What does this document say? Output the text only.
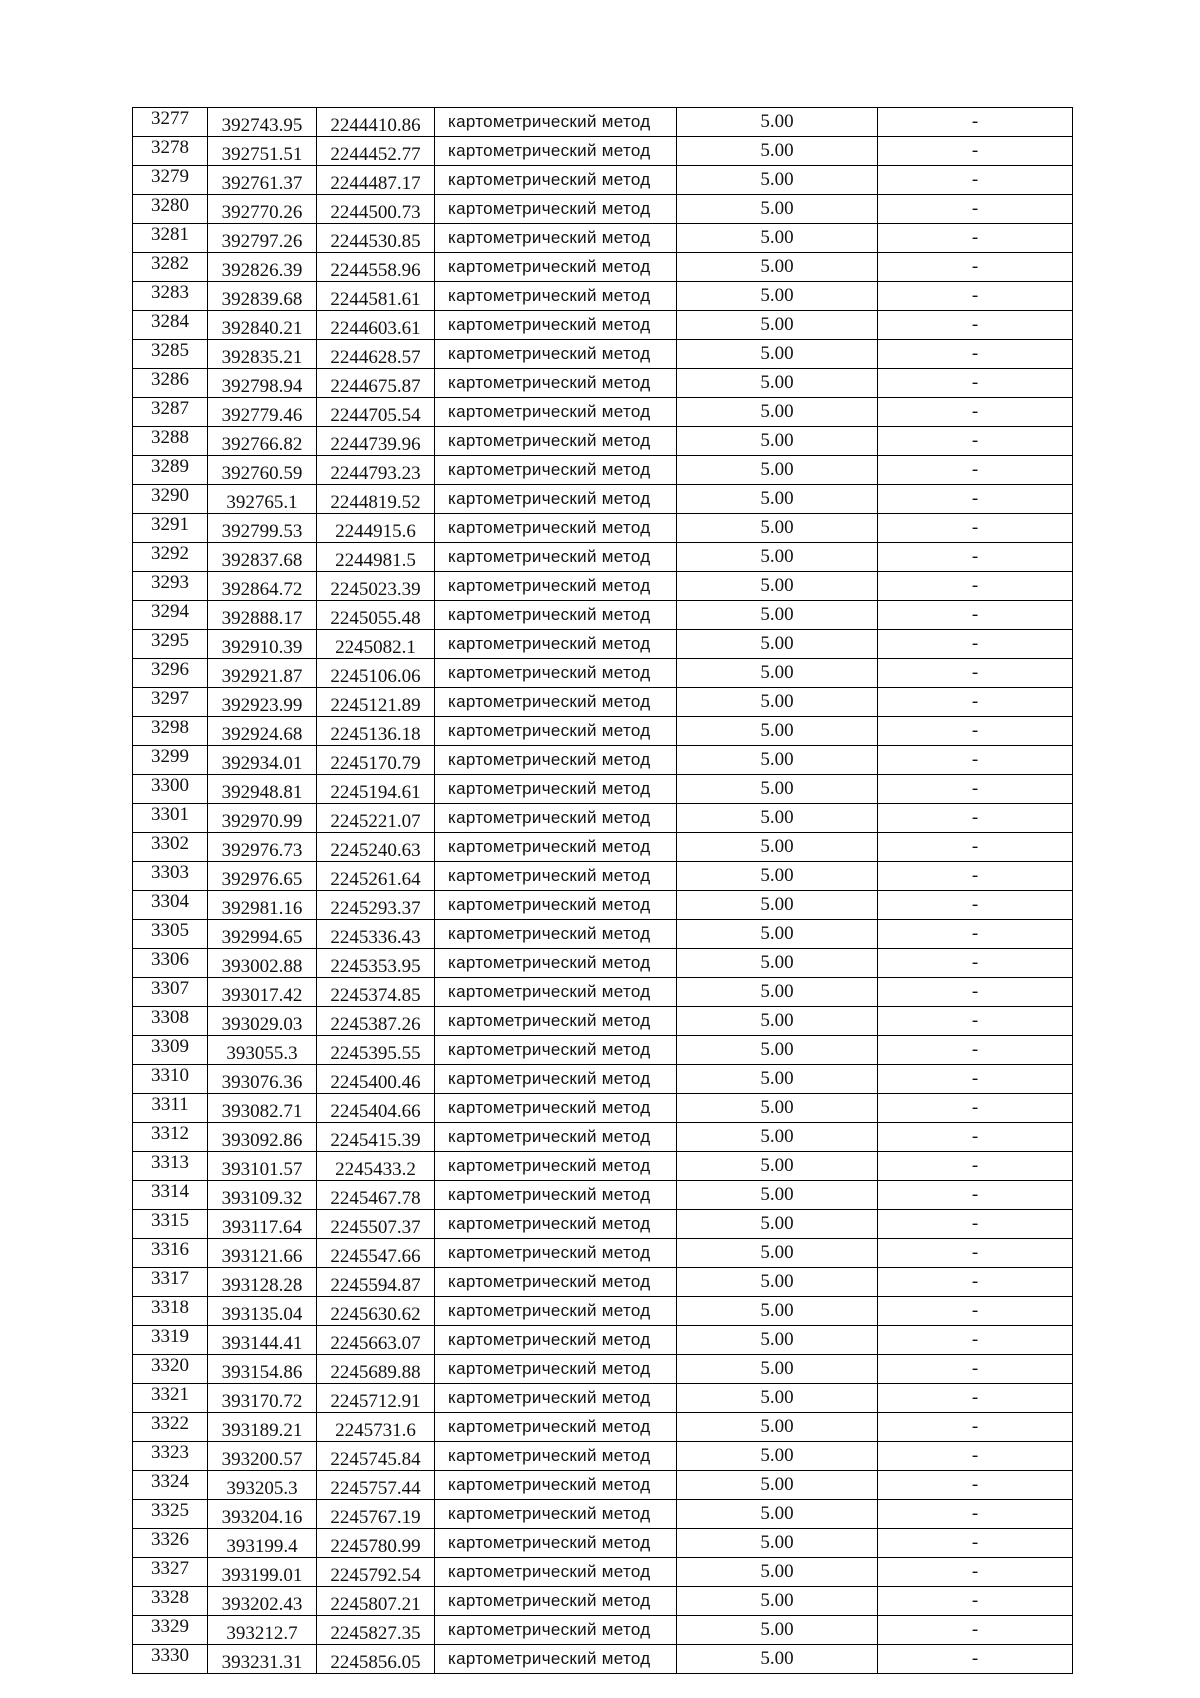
3277	392743.95	2244410.86	картометрический метод	5.00	-
3278	392751.51	2244452.77	картометрический метод	5.00	-
3279	392761.37	2244487.17	картометрический метод	5.00	-
3280	392770.26	2244500.73	картометрический метод	5.00	-
3281	392797.26	2244530.85	картометрический метод	5.00	-
3282	392826.39	2244558.96	картометрический метод	5.00	-
3283	392839.68	2244581.61	картометрический метод	5.00	-
3284	392840.21	2244603.61	картометрический метод	5.00	-
3285	392835.21	2244628.57	картометрический метод	5.00	-
3286	392798.94	2244675.87	картометрический метод	5.00	-
3287	392779.46	2244705.54	картометрический метод	5.00	-
3288	392766.82	2244739.96	картометрический метод	5.00	-
3289	392760.59	2244793.23	картометрический метод	5.00	-
3290	392765.1	2244819.52	картометрический метод	5.00	-
3291	392799.53	2244915.6	картометрический метод	5.00	-
3292	392837.68	2244981.5	картометрический метод	5.00	-
3293	392864.72	2245023.39	картометрический метод	5.00	-
3294	392888.17	2245055.48	картометрический метод	5.00	-
3295	392910.39	2245082.1	картометрический метод	5.00	-
3296	392921.87	2245106.06	картометрический метод	5.00	-
3297	392923.99	2245121.89	картометрический метод	5.00	-
3298	392924.68	2245136.18	картометрический метод	5.00	-
3299	392934.01	2245170.79	картометрический метод	5.00	-
3300	392948.81	2245194.61	картометрический метод	5.00	-
3301	392970.99	2245221.07	картометрический метод	5.00	-
3302	392976.73	2245240.63	картометрический метод	5.00	-
3303	392976.65	2245261.64	картометрический метод	5.00	-
3304	392981.16	2245293.37	картометрический метод	5.00	-
3305	392994.65	2245336.43	картометрический метод	5.00	-
3306	393002.88	2245353.95	картометрический метод	5.00	-
3307	393017.42	2245374.85	картометрический метод	5.00	-
3308	393029.03	2245387.26	картометрический метод	5.00	-
3309	393055.3	2245395.55	картометрический метод	5.00	-
3310	393076.36	2245400.46	картометрический метод	5.00	-
3311	393082.71	2245404.66	картометрический метод	5.00	-
3312	393092.86	2245415.39	картометрический метод	5.00	-
3313	393101.57	2245433.2	картометрический метод	5.00	-
3314	393109.32	2245467.78	картометрический метод	5.00	-
3315	393117.64	2245507.37	картометрический метод	5.00	-
3316	393121.66	2245547.66	картометрический метод	5.00	-
3317	393128.28	2245594.87	картометрический метод	5.00	-
3318	393135.04	2245630.62	картометрический метод	5.00	-
3319	393144.41	2245663.07	картометрический метод	5.00	-
3320	393154.86	2245689.88	картометрический метод	5.00	-
3321	393170.72	2245712.91	картометрический метод	5.00	-
3322	393189.21	2245731.6	картометрический метод	5.00	-
3323	393200.57	2245745.84	картометрический метод	5.00	-
3324	393205.3	2245757.44	картометрический метод	5.00	-
3325	393204.16	2245767.19	картометрический метод	5.00	-
3326	393199.4	2245780.99	картометрический метод	5.00	-
3327	393199.01	2245792.54	картометрический метод	5.00	-
3328	393202.43	2245807.21	картометрический метод	5.00	-
3329	393212.7	2245827.35	картометрический метод	5.00	-
3330	393231.31	2245856.05	картометрический метод	5.00	-
